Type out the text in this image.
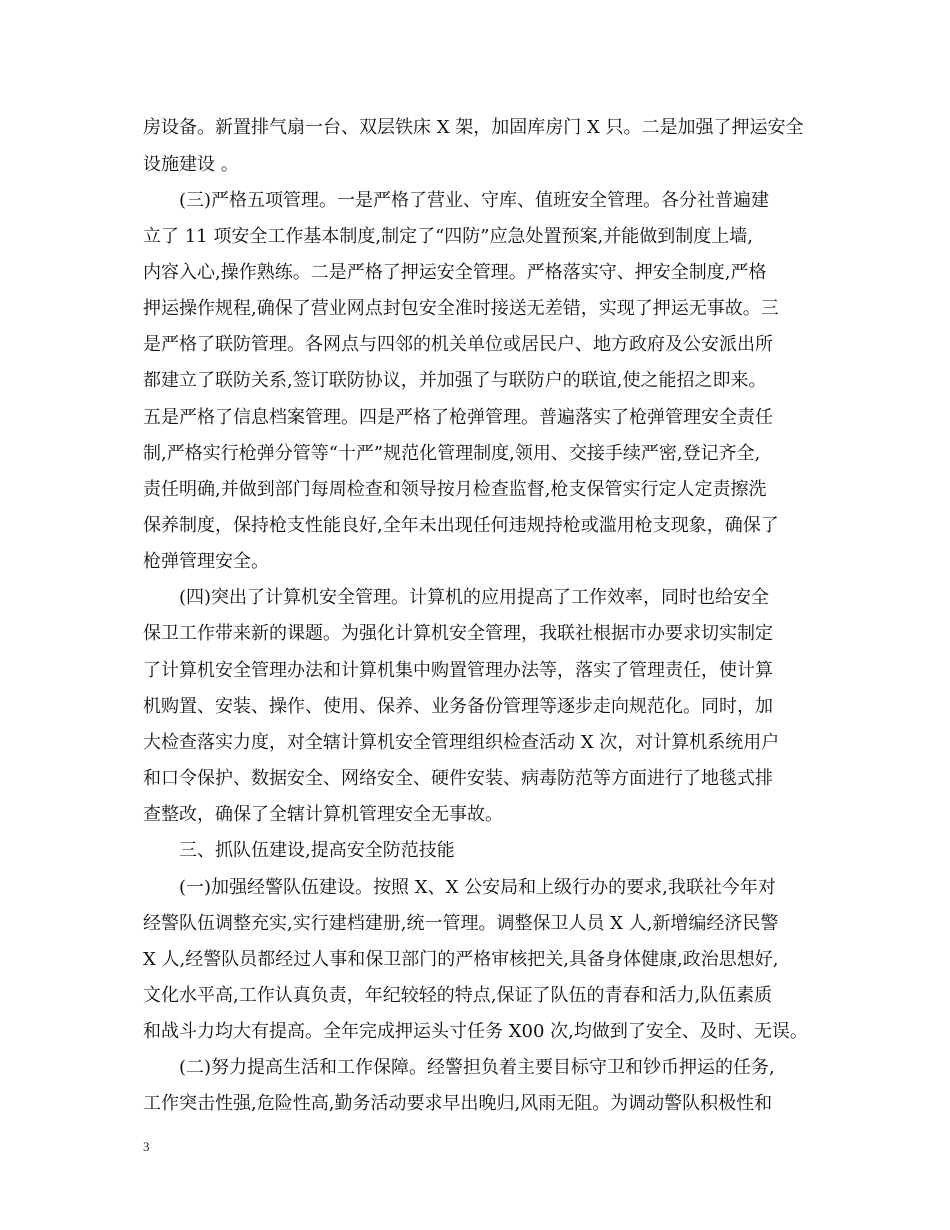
房设备。新置排气扇一台、双层铁床 X 架，加固库房门 X 只。二是加强了押运安全
设施建设 。
　　(三)严格五项管理。一是严格了营业、守库、值班安全管理。各分社普遍建
立了 11 项安全工作基本制度,制定了“四防”应急处置预案,并能做到制度上墙,
内容入心,操作熟练。二是严格了押运安全管理。严格落实守、押安全制度,严格
押运操作规程,确保了营业网点封包安全准时接送无差错，实现了押运无事故。三
是严格了联防管理。各网点与四邻的机关单位或居民户、地方政府及公安派出所
都建立了联防关系,签订联防协议，并加强了与联防户的联谊,使之能招之即来。
五是严格了信息档案管理。四是严格了枪弹管理。普遍落实了枪弹管理安全责任
制,严格实行枪弹分管等“十严”规范化管理制度,领用、交接手续严密,登记齐全,
责任明确,并做到部门每周检查和领导按月检查监督,枪支保管实行定人定责擦洗
保养制度，保持枪支性能良好,全年未出现任何违规持枪或滥用枪支现象，确保了
枪弹管理安全。
　　(四)突出了计算机安全管理。计算机的应用提高了工作效率，同时也给安全
保卫工作带来新的课题。为强化计算机安全管理，我联社根据市办要求切实制定
了计算机安全管理办法和计算机集中购置管理办法等，落实了管理责任，使计算
机购置、安装、操作、使用、保养、业务备份管理等逐步走向规范化。同时，加
大检查落实力度，对全辖计算机安全管理组织检查活动 X 次，对计算机系统用户
和口令保护、数据安全、网络安全、硬件安装、病毒防范等方面进行了地毯式排
查整改，确保了全辖计算机管理安全无事故。
　　三、抓队伍建设,提高安全防范技能
　　(一)加强经警队伍建设。按照 X、X 公安局和上级行办的要求,我联社今年对
经警队伍调整充实,实行建档建册,统一管理。调整保卫人员 X 人,新增编经济民警
X 人,经警队员都经过人事和保卫部门的严格审核把关,具备身体健康,政治思想好,
文化水平高,工作认真负责，年纪较轻的特点,保证了队伍的青春和活力,队伍素质
和战斗力均大有提高。全年完成押运头寸任务 X00 次,均做到了安全、及时、无误。
　　(二)努力提高生活和工作保障。经警担负着主要目标守卫和钞币押运的任务,
工作突击性强,危险性高,勤务活动要求早出晚归,风雨无阻。为调动警队积极性和
3
